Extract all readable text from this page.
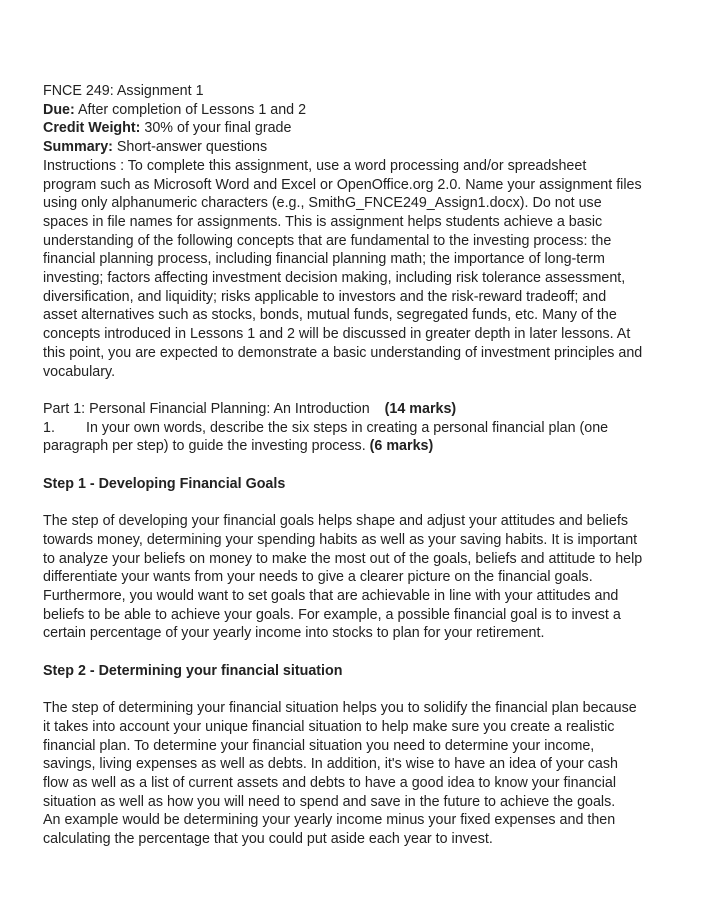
FNCE 249: Assignment 1
Due: After completion of Lessons 1 and 2
Credit Weight: 30% of your final grade
Summary: Short-answer questions
Instructions : To complete this assignment, use a word processing and/or spreadsheet
program such as Microsoft Word and Excel or OpenOffice.org 2.0. Name your assignment files
using only alphanumeric characters (e.g., SmithG_FNCE249_Assign1.docx). Do not use
spaces in file names for assignments. This is assignment helps students achieve a basic
understanding of the following concepts that are fundamental to the investing process: the
financial planning process, including financial planning math; the importance of long-term
investing; factors affecting investment decision making, including risk tolerance assessment,
diversification, and liquidity; risks applicable to investors and the risk-reward tradeoff; and
asset alternatives such as stocks, bonds, mutual funds, segregated funds, etc. Many of the
concepts introduced in Lessons 1 and 2 will be discussed in greater depth in later lessons. At
this point, you are expected to demonstrate a basic understanding of investment principles and
vocabulary.
Part 1: Personal Financial Planning: An Introduction (14 marks)
1. In your own words, describe the six steps in creating a personal financial plan (one
paragraph per step) to guide the investing process. (6 marks)
Step 1 - Developing Financial Goals
The step of developing your financial goals helps shape and adjust your attitudes and beliefs
towards money, determining your spending habits as well as your saving habits. It is important
to analyze your beliefs on money to make the most out of the goals, beliefs and attitude to help
differentiate your wants from your needs to give a clearer picture on the financial goals.
Furthermore, you would want to set goals that are achievable in line with your attitudes and
beliefs to be able to achieve your goals. For example, a possible financial goal is to invest a
certain percentage of your yearly income into stocks to plan for your retirement.
Step 2 - Determining your financial situation
The step of determining your financial situation helps you to solidify the financial plan because
it takes into account your unique financial situation to help make sure you create a realistic
financial plan. To determine your financial situation you need to determine your income,
savings, living expenses as well as debts. In addition, it's wise to have an idea of your cash
flow as well as a list of current assets and debts to have a good idea to know your financial
situation as well as how you will need to spend and save in the future to achieve the goals.
An example would be determining your yearly income minus your fixed expenses and then
calculating the percentage that you could put aside each year to invest.
